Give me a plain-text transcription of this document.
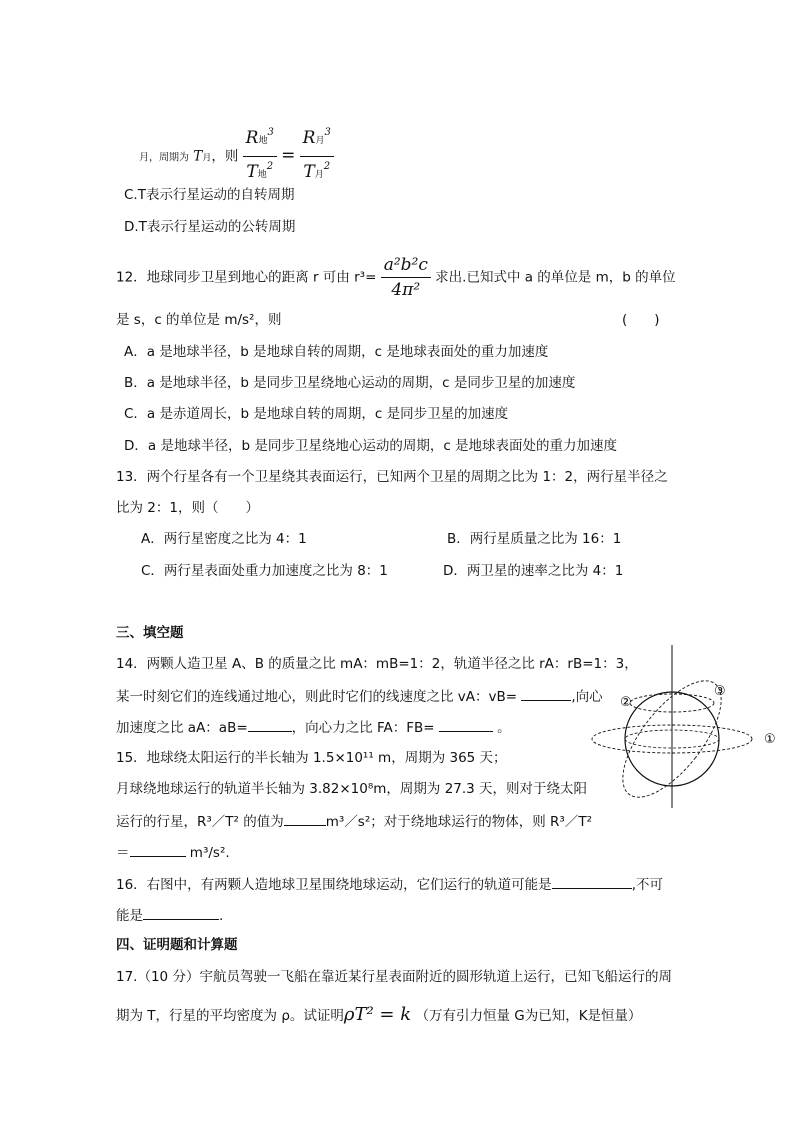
月，周期为 T月，则 $\frac{R地^3}{T地^2} = \frac{R月^3}{T月^2}$
C.T表示行星运动的自转周期
D.T表示行星运动的公转周期
12．地球同步卫星到地心的距离 r 可由 $r^3= \frac{\text{a²b²c}}{\text{4π²}}$ 求出.已知式中 a 的单位是 m，b 的单位
是 s，c 的单位是 m/s²，则	(　　)
A．a 是地球半径，b 是地球自转的周期，c 是地球表面处的重力加速度
B．a 是地球半径，b 是同步卫星绕地心运动的周期，c 是同步卫星的加速度
C．a 是赤道周长，b 是地球自转的周期，c 是同步卫星的加速度
D．a 是地球半径，b 是同步卫星绕地心运动的周期，c 是地球表面处的重力加速度
13．两个行星各有一个卫星绕其表面运行，已知两个卫星的周期之比为 1：2，两行星半径之
比为 2：1，则（　　）
A．两行星密度之比为 4：1	B．两行星质量之比为 16：1
C．两行星表面处重力加速度之比为 8：1	D．两卫星的速率之比为 4：1
三、填空题
14．两颗人造卫星 A、B 的质量之比 mA：mB=1：2，轨道半径之比 rA：rB=1：3，
某一时刻它们的连线通过地心，则此时它们的线速度之比 vA：vB=	,向心
加速度之比 aA：aB=	，向心力之比 FA：FB=	。
15．地球绕太阳运行的半长轴为 1.5×10¹¹ m，周期为 365 天；
月球绕地球运行的轨道半长轴为 3.82×10⁸m，周期为 27.3 天，则对于绕太阳
运行的行星，R³／T² 的值为	m³／s²；对于绕地球运行的物体，则 R³／T²
＝	m³/s².
16．右图中，有两颗人造地球卫星围绕地球运动，它们运行的轨道可能是	,不可
能是	.
四、证明题和计算题
17.（10 分）宇航员驾驶一飞船在靠近某行星表面附近的圆形轨道上运行，已知飞船运行的周
期为 T，行星的平均密度为 ρ。试证明ρT² = k （万有引力恒量 G为已知，K是恒量）
②
③
①
